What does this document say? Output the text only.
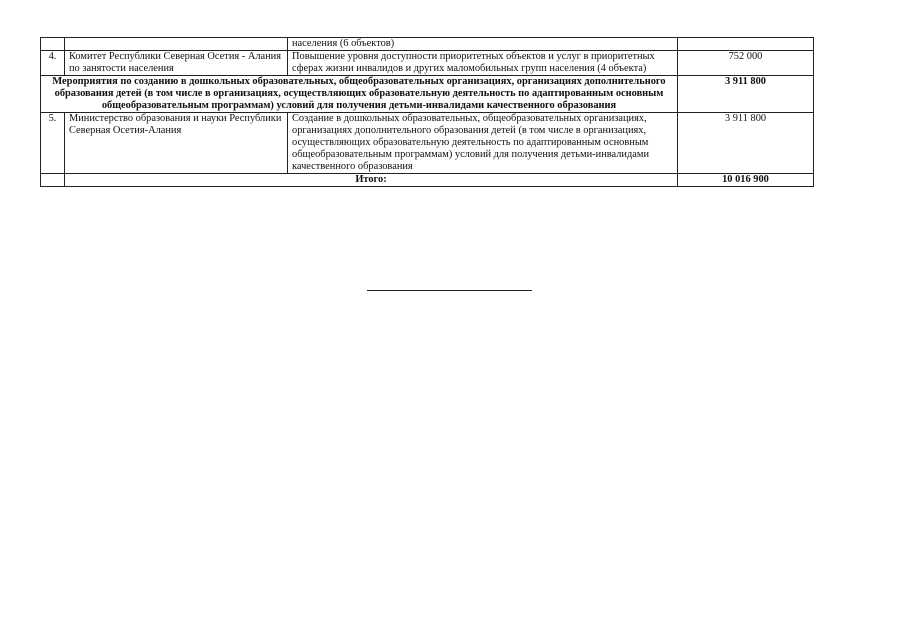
		населения (6 объектов)	
4.	Комитет Республики Северная Осетия - Алания по занятости населения	Повышение уровня доступности приоритетных объектов и услуг в приоритетных сферах жизни инвалидов и других маломобильных групп населения (4 объекта)	752 000
Мероприятия по созданию в дошкольных образовательных, общеобразовательных организациях, организациях дополнительного образования детей (в том числе в организациях, осуществляющих образовательную деятельность по адаптированным основным общеобразовательным программам) условий для получения детьми-инвалидами качественного образования			3 911 800
5.	Министерство образования и науки Республики Северная Осетия-Алания	Создание в дошкольных образовательных, общеобразовательных организациях, организациях дополнительного образования детей (в том числе в организациях, осуществляющих образовательную деятельность по адаптированным основным общеобразовательным программам) условий для получения детьми-инвалидами качественного образования	3 911 800
	Итого:		10 016 900
